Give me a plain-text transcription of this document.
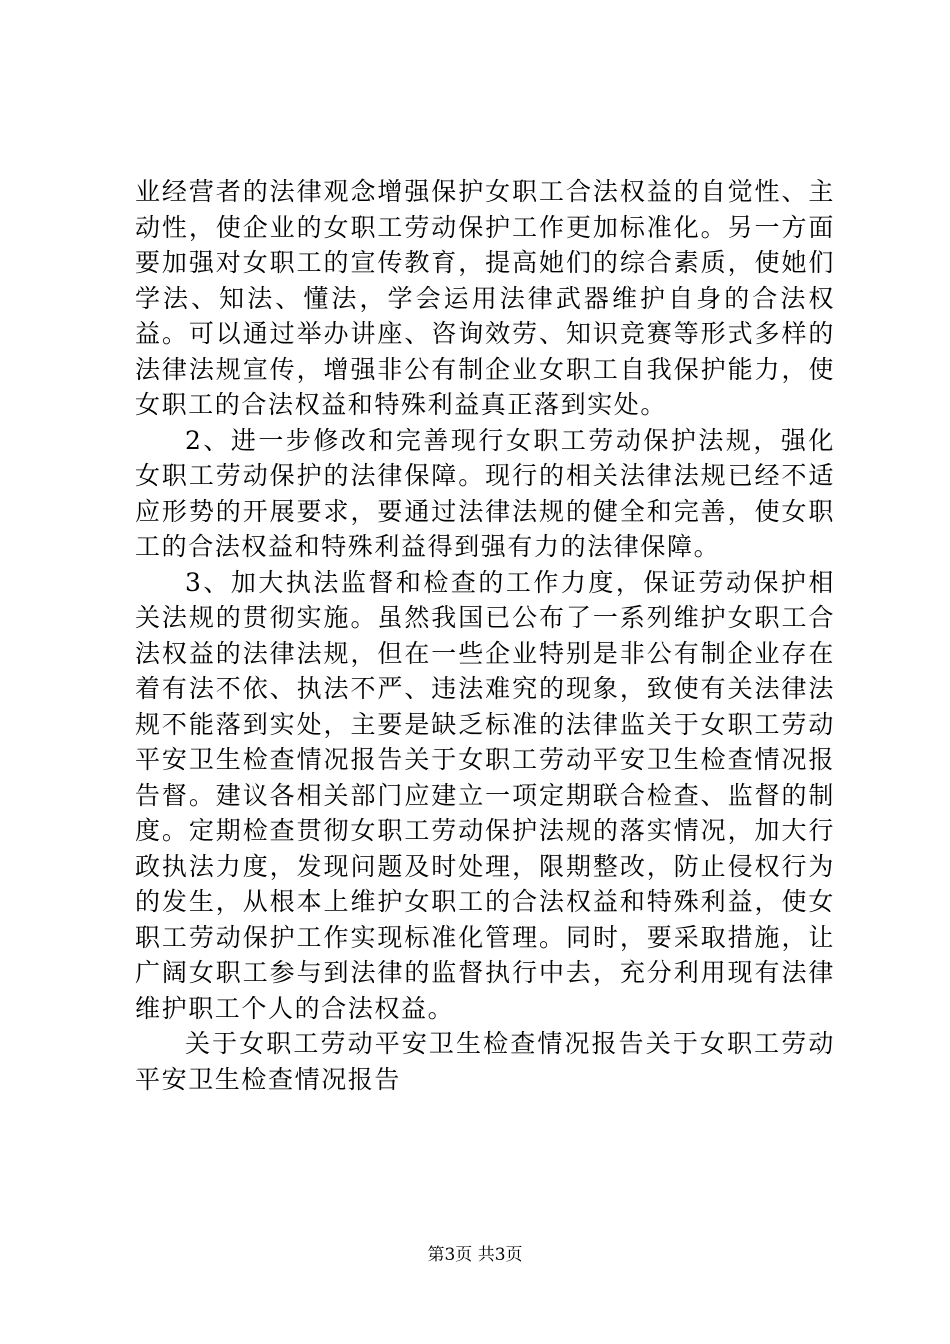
业经营者的法律观念增强保护女职工合法权益的自觉性、主动性，使企业的女职工劳动保护工作更加标准化。另一方面要加强对女职工的宣传教育，提高她们的综合素质，使她们学法、知法、懂法，学会运用法律武器维护自身的合法权益。可以通过举办讲座、咨询效劳、知识竞赛等形式多样的法律法规宣传，增强非公有制企业女职工自我保护能力，使女职工的合法权益和特殊利益真正落到实处。

2、进一步修改和完善现行女职工劳动保护法规，强化女职工劳动保护的法律保障。现行的相关法律法规已经不适应形势的开展要求，要通过法律法规的健全和完善，使女职工的合法权益和特殊利益得到强有力的法律保障。

3、加大执法监督和检查的工作力度，保证劳动保护相关法规的贯彻实施。虽然我国已公布了一系列维护女职工合法权益的法律法规，但在一些企业特别是非公有制企业存在着有法不依、执法不严、违法难究的现象，致使有关法律法规不能落到实处，主要是缺乏标准的法律监关于女职工劳动平安卫生检查情况报告关于女职工劳动平安卫生检查情况报告督。建议各相关部门应建立一项定期联合检查、监督的制度。定期检查贯彻女职工劳动保护法规的落实情况，加大行政执法力度，发现问题及时处理，限期整改，防止侵权行为的发生，从根本上维护女职工的合法权益和特殊利益，使女职工劳动保护工作实现标准化管理。同时，要采取措施，让广阔女职工参与到法律的监督执行中去，充分利用现有法律维护职工个人的合法权益。

关于女职工劳动平安卫生检查情况报告关于女职工劳动平安卫生检查情况报告

第3页 共3页
